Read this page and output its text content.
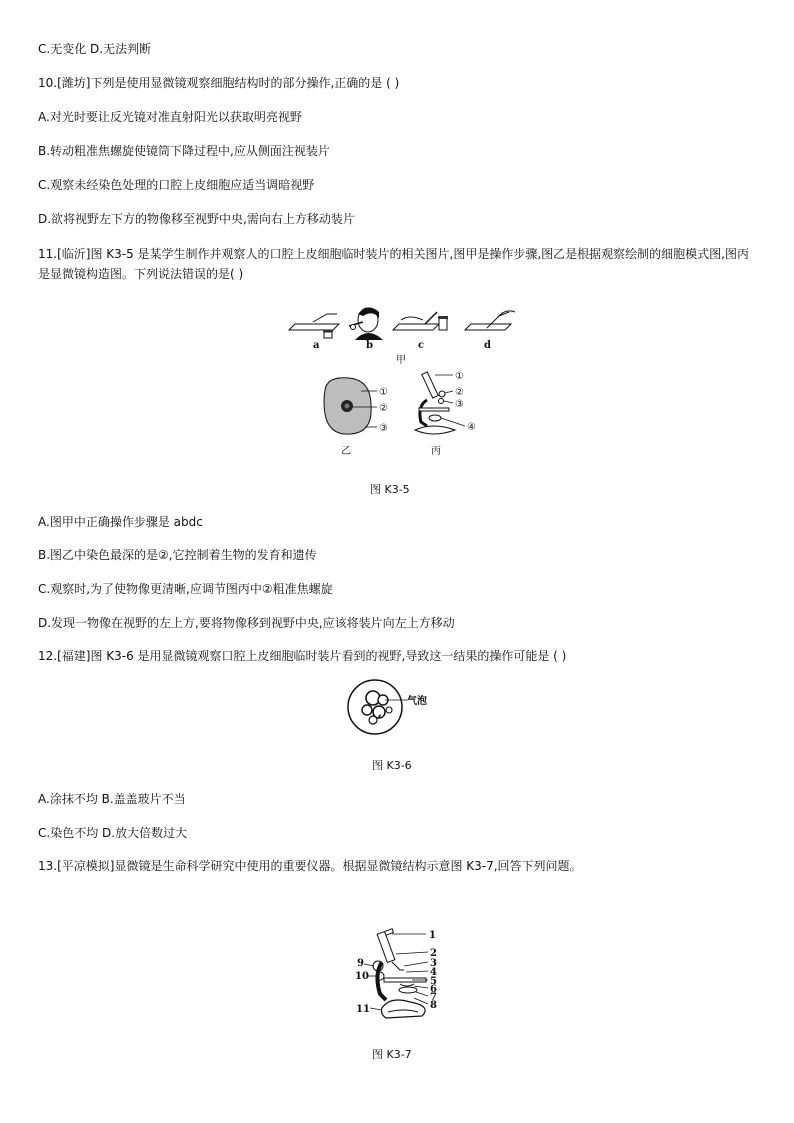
C.无变化 D.无法判断
10.[潍坊]下列是使用显微镜观察细胞结构时的部分操作,正确的是 ( )
A.对光时要让反光镜对准直射阳光以获取明亮视野
B.转动粗准焦螺旋使镜筒下降过程中,应从侧面注视装片
C.观察未经染色处理的口腔上皮细胞应适当调暗视野
D.欲将视野左下方的物像移至视野中央,需向右上方移动装片
11.[临沂]图 K3-5 是某学生制作并观察人的口腔上皮细胞临时装片的相关图片,图甲是操作步骤,图乙是根据观察绘制的细胞模式图,图丙是显微镜构造图。下列说法错误的是( )
a	b	c	d
甲
①
②
③
乙
①
②
③
④
丙
图 K3-5
A.图甲中正确操作步骤是 abdc
B.图乙中染色最深的是②,它控制着生物的发育和遗传
C.观察时,为了使物像更清晰,应调节图丙中②粗准焦螺旋
D.发现一物像在视野的左上方,要将物像移到视野中央,应该将装片向左上方移动
12.[福建]图 K3-6 是用显微镜观察口腔上皮细胞临时装片看到的视野,导致这一结果的操作可能是 ( )
气泡
图 K3-6
A.涂抹不均 B.盖盖玻片不当
C.染色不均 D.放大倍数过大
13.[平凉模拟]显微镜是生命科学研究中使用的重要仪器。根据显微镜结构示意图 K3-7,回答下列问题。
1
2
3
4
5
6
7
8
9
10
11
图 K3-7
